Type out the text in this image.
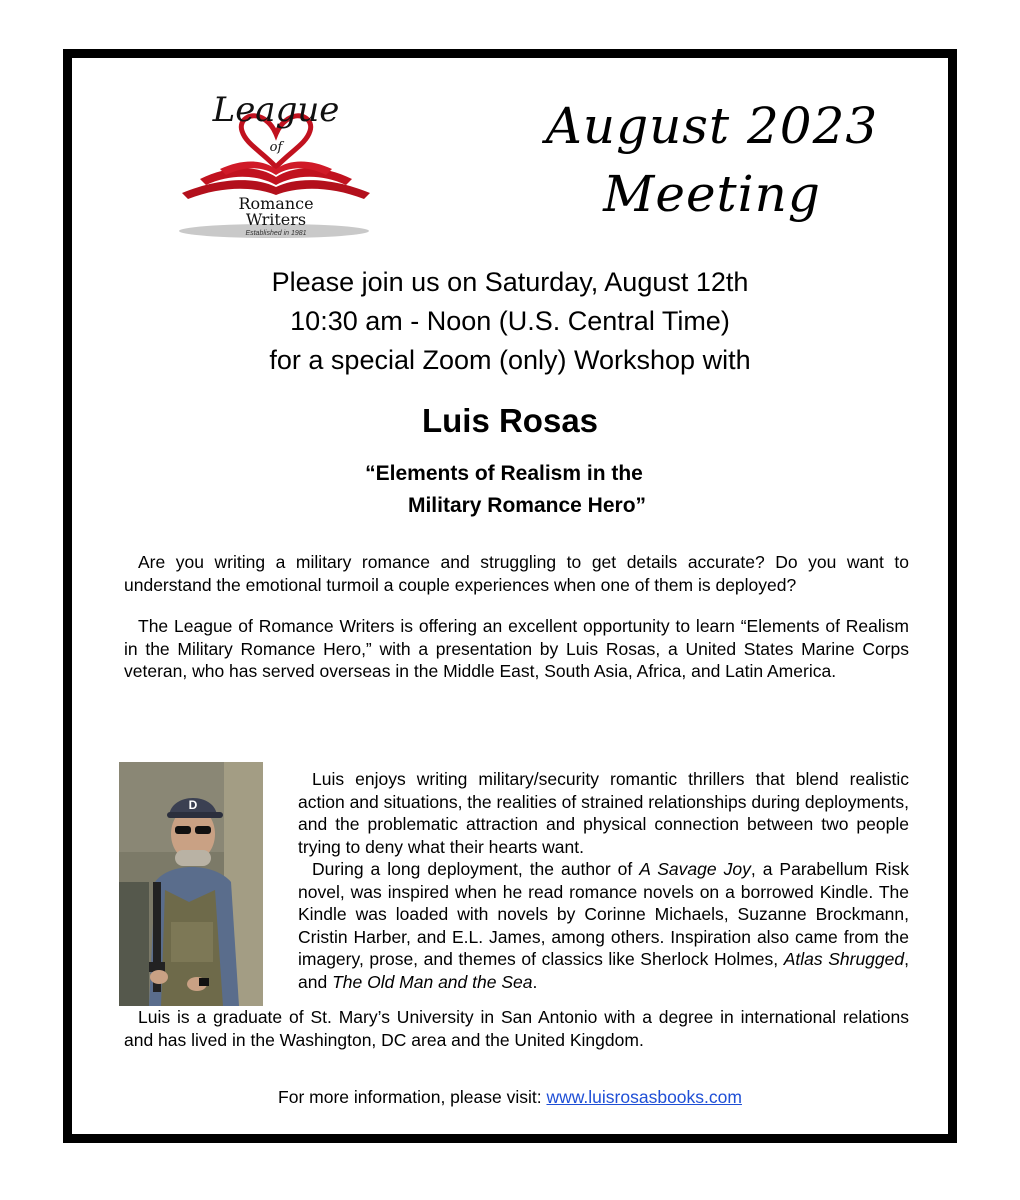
League
of
Romance
Writers
Established in 1981
August 2023
Meeting
Please join us on Saturday, August 12th
10:30 am - Noon (U.S. Central Time)
for a special Zoom (only) Workshop with
Luis Rosas
“Elements of Realism in the
Military Romance Hero”
Are you writing a military romance and struggling to get details accurate? Do you want to understand the emotional turmoil a couple experiences when one of them is deployed?
The League of Romance Writers is offering an excellent opportunity to learn “Elements of Realism in the Military Romance Hero,” with a presentation by Luis Rosas, a United States Marine Corps veteran, who has served overseas in the Middle East, South Asia, Africa, and Latin America.
D
Luis enjoys writing military/security romantic thrillers that blend realistic action and situations, the realities of strained relationships during deployments, and the problematic attraction and physical connection between two people trying to deny what their hearts want.
During a long deployment, the author of A Savage Joy, a Parabellum Risk novel, was inspired when he read romance novels on a borrowed Kindle. The Kindle was loaded with novels by Corinne Michaels, Suzanne Brockmann, Cristin Harber, and E.L. James, among others. Inspiration also came from the imagery, prose, and themes of classics like Sherlock Holmes, Atlas Shrugged, and The Old Man and the Sea.
Luis is a graduate of St. Mary’s University in San Antonio with a degree in international relations and has lived in the Washington, DC area and the United Kingdom.
For more information, please visit: www.luisrosasbooks.com
